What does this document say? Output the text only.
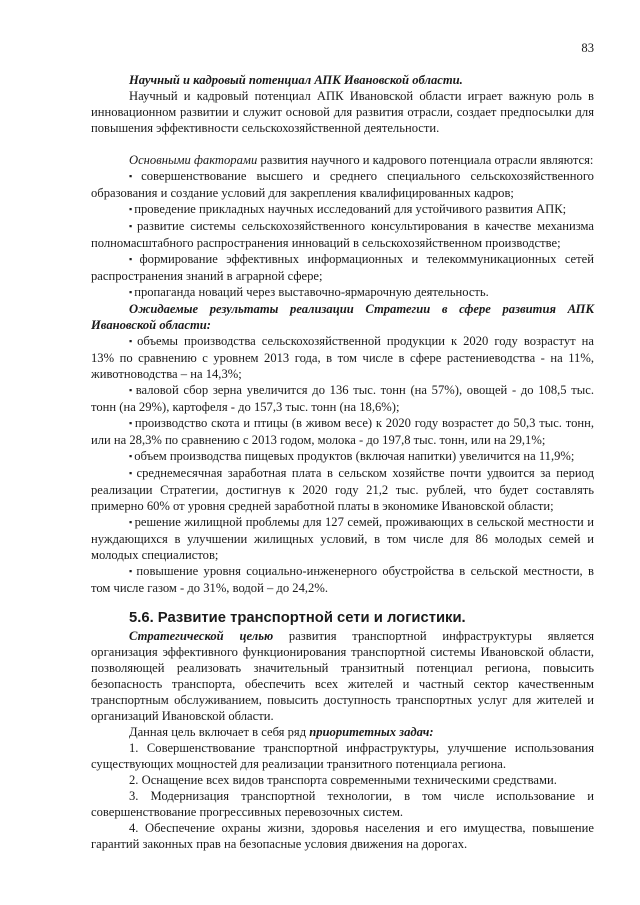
83

Научный и кадровый потенциал АПК Ивановской области.

Научный и кадровый потенциал АПК Ивановской области играет важную роль в инновационном развитии и служит основой для развития отрасли, создает предпосылки для повышения эффективности сельскохозяйственной деятельности.

Основными факторами развития научного и кадрового потенциала отрасли являются:

▪ совершенствование высшего и среднего специального сельскохозяйственного образования и создание условий для закрепления квалифицированных кадров;

▪ проведение прикладных научных исследований для устойчивого развития АПК;

▪ развитие системы сельскохозяйственного консультирования в качестве механизма полномасштабного распространения инноваций в сельскохозяйственном производстве;

▪ формирование эффективных информационных и телекоммуникационных сетей распространения знаний в аграрной сфере;

▪ пропаганда новаций через выставочно-ярмарочную деятельность.

Ожидаемые результаты реализации Стратегии в сфере развития АПК Ивановской области:

▪ объемы производства сельскохозяйственной продукции к 2020 году возрастут на 13% по сравнению с уровнем 2013 года, в том числе в сфере растениеводства - на 11%, животноводства – на 14,3%;

▪ валовой сбор зерна увеличится до 136 тыс. тонн (на 57%), овощей - до 108,5 тыс. тонн (на 29%), картофеля - до 157,3 тыс. тонн (на 18,6%);

▪ производство скота и птицы (в живом весе) к 2020 году возрастет до 50,3 тыс. тонн, или на 28,3% по сравнению с 2013 годом, молока - до 197,8 тыс. тонн, или на 29,1%;

▪ объем производства пищевых продуктов (включая напитки) увеличится на 11,9%;

▪ среднемесячная заработная плата в сельском хозяйстве почти удвоится за период реализации Стратегии, достигнув к 2020 году 21,2 тыс. рублей, что будет составлять примерно 60% от уровня средней заработной платы в экономике Ивановской области;

▪ решение жилищной проблемы для 127 семей, проживающих в сельской местности и нуждающихся в улучшении жилищных условий, в том числе для 86 молодых семей и молодых специалистов;

▪ повышение уровня социально-инженерного обустройства в сельской местности, в том числе газом - до 31%, водой – до 24,2%.

5.6. Развитие транспортной сети и логистики.

Стратегической целью развития транспортной инфраструктуры является организация эффективного функционирования транспортной системы Ивановской области, позволяющей реализовать значительный транзитный потенциал региона, повысить безопасность транспорта, обеспечить всех жителей и частный сектор качественным транспортным обслуживанием, повысить доступность транспортных услуг для жителей и организаций Ивановской области.

Данная цель включает в себя ряд приоритетных задач:

1. Совершенствование транспортной инфраструктуры, улучшение использования существующих мощностей для реализации транзитного потенциала региона.

2. Оснащение всех видов транспорта современными техническими средствами.

3. Модернизация транспортной технологии, в том числе использование и совершенствование прогрессивных перевозочных систем.

4. Обеспечение охраны жизни, здоровья населения и его имущества, повышение гарантий законных прав на безопасные условия движения на дорогах.
